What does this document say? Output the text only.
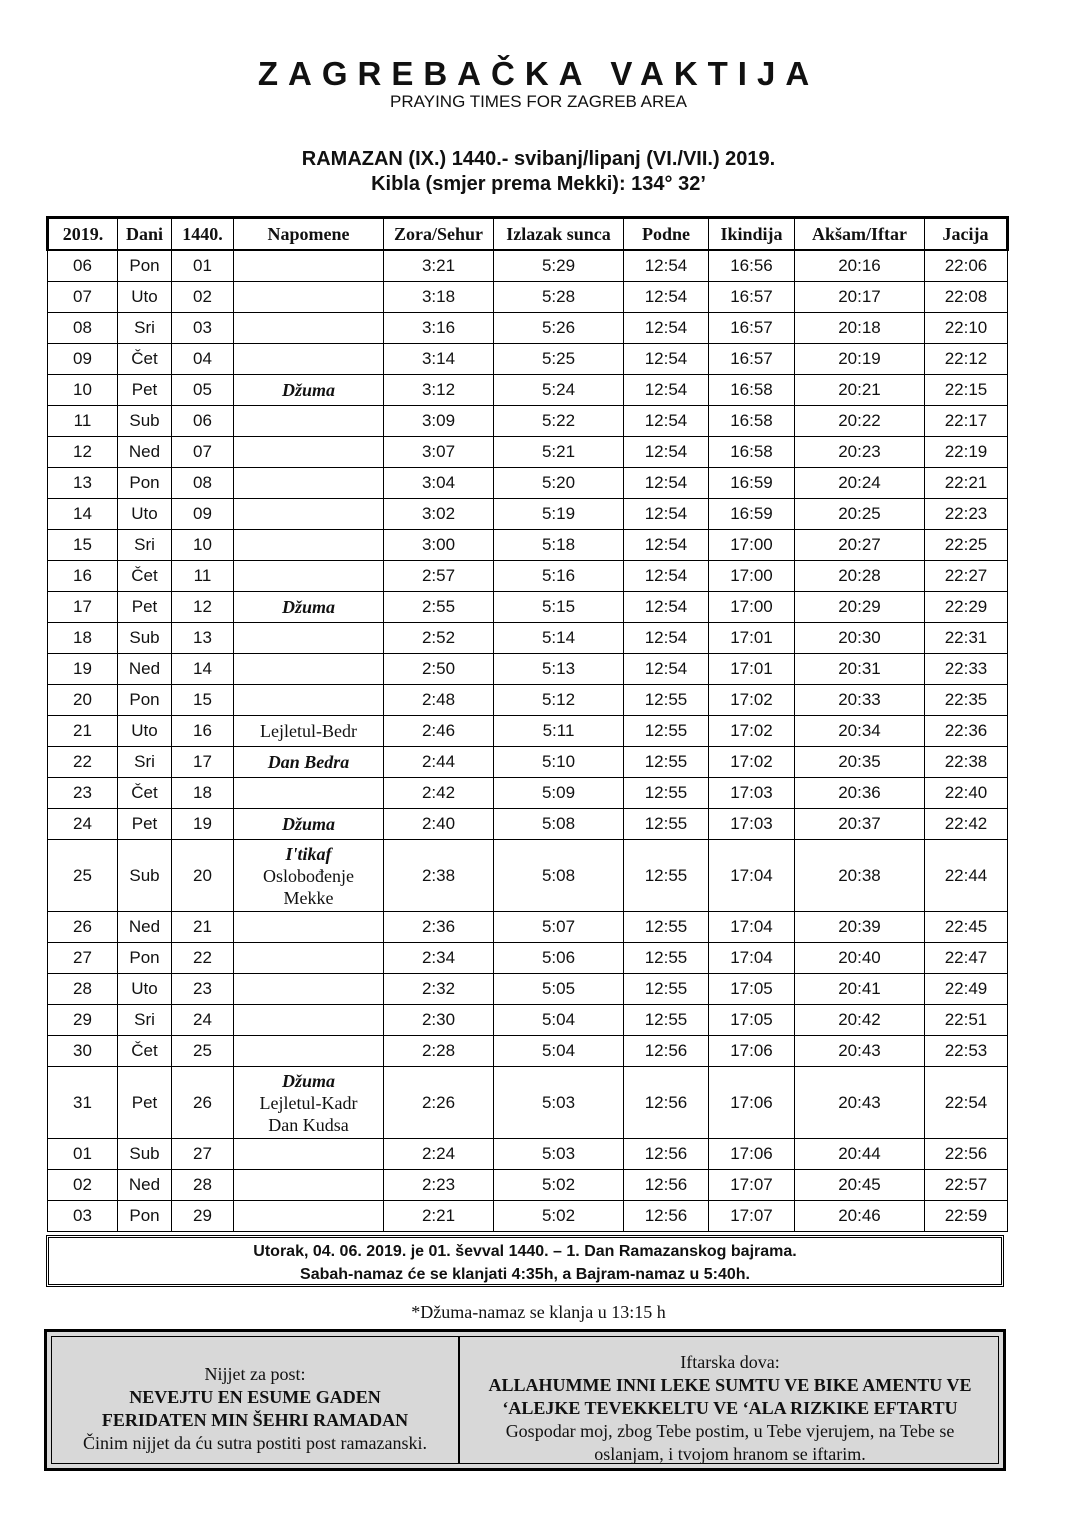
ZAGREBAČKA VAKTIJA
PRAYING TIMES FOR ZAGREB AREA
RAMAZAN (IX.) 1440.- svibanj/lipanj (VI./VII.) 2019.
Kibla (smjer prema Mekki): 134° 32’
2019.	Dani	1440.	Napomene	Zora/Sehur	Izlazak sunca	Podne	Ikindija	Akšam/Iftar	Jacija
06	Pon	01		3:21	5:29	12:54	16:56	20:16	22:06
07	Uto	02		3:18	5:28	12:54	16:57	20:17	22:08
08	Sri	03		3:16	5:26	12:54	16:57	20:18	22:10
09	Čet	04		3:14	5:25	12:54	16:57	20:19	22:12
10	Pet	05	Džuma	3:12	5:24	12:54	16:58	20:21	22:15
11	Sub	06		3:09	5:22	12:54	16:58	20:22	22:17
12	Ned	07		3:07	5:21	12:54	16:58	20:23	22:19
13	Pon	08		3:04	5:20	12:54	16:59	20:24	22:21
14	Uto	09		3:02	5:19	12:54	16:59	20:25	22:23
15	Sri	10		3:00	5:18	12:54	17:00	20:27	22:25
16	Čet	11		2:57	5:16	12:54	17:00	20:28	22:27
17	Pet	12	Džuma	2:55	5:15	12:54	17:00	20:29	22:29
18	Sub	13		2:52	5:14	12:54	17:01	20:30	22:31
19	Ned	14		2:50	5:13	12:54	17:01	20:31	22:33
20	Pon	15		2:48	5:12	12:55	17:02	20:33	22:35
21	Uto	16	Lejletul-Bedr	2:46	5:11	12:55	17:02	20:34	22:36
22	Sri	17	Dan Bedra	2:44	5:10	12:55	17:02	20:35	22:38
23	Čet	18		2:42	5:09	12:55	17:03	20:36	22:40
24	Pet	19	Džuma	2:40	5:08	12:55	17:03	20:37	22:42
25	Sub	20	I'tikaf
Oslobođenje
Mekke	2:38	5:08	12:55	17:04	20:38	22:44
26	Ned	21		2:36	5:07	12:55	17:04	20:39	22:45
27	Pon	22		2:34	5:06	12:55	17:04	20:40	22:47
28	Uto	23		2:32	5:05	12:55	17:05	20:41	22:49
29	Sri	24		2:30	5:04	12:55	17:05	20:42	22:51
30	Čet	25		2:28	5:04	12:56	17:06	20:43	22:53
31	Pet	26	Džuma
Lejletul-Kadr
Dan Kudsa	2:26	5:03	12:56	17:06	20:43	22:54
01	Sub	27		2:24	5:03	12:56	17:06	20:44	22:56
02	Ned	28		2:23	5:02	12:56	17:07	20:45	22:57
03	Pon	29		2:21	5:02	12:56	17:07	20:46	22:59
Utorak, 04. 06. 2019. je 01. ševval 1440. – 1. Dan Ramazanskog bajrama.
Sabah-namaz će se klanjati 4:35h, a Bajram-namaz u 5:40h.
*Džuma-namaz se klanja u 13:15 h
Nijjet za post:
NEVEJTU EN ESUME GADEN
FERIDATEN MIN ŠEHRI RAMADAN
Činim nijjet da ću sutra postiti post ramazanski.
Iftarska dova:
ALLAHUMME INNI LEKE SUMTU VE BIKE AMENTU VE
‘ALEJKE TEVEKKELTU VE ‘ALA RIZKIKE EFTARTU
Gospodar moj, zbog Tebe postim, u Tebe vjerujem, na Tebe se
oslanjam, i tvojom hranom se iftarim.
